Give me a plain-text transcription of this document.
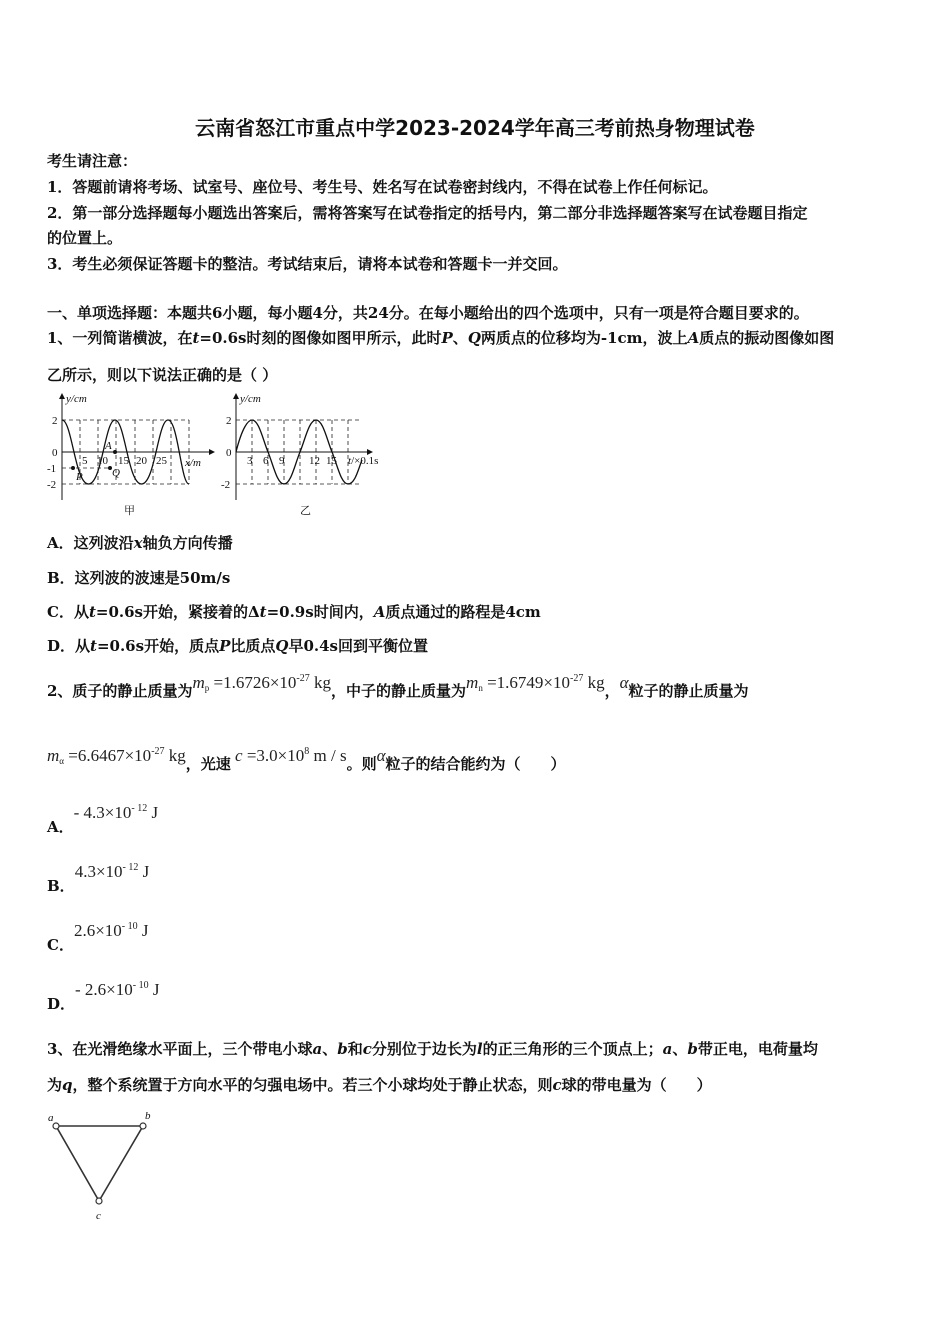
云南省怒江市重点中学2023-2024学年高三考前热身物理试卷
考生请注意：
1．答题前请将考场、试室号、座位号、考生号、姓名写在试卷密封线内，不得在试卷上作任何标记。
2．第一部分选择题每小题选出答案后，需将答案写在试卷指定的括号内，第二部分非选择题答案写在试卷题目指定
的位置上。
3．考生必须保证答题卡的整洁。考试结束后，请将本试卷和答题卡一并交回。
一、单项选择题：本题共6小题，每小题4分，共24分。在每小题给出的四个选项中，只有一项是符合题目要求的。
1、一列简谐横波，在t=0.6s时刻的图像如图甲所示，此时P、Q两质点的位移均为-1cm，波上A质点的振动图像如图
乙所示，则以下说法正确的是（ ）
y/cm
x/m
2
0
-1
-2
5 10 15 20 25
A
P	Q
甲
y/cm
2
0
-2
3 6 9 12 15 t/×0.1s
乙
A．这列波沿x轴负方向传播
B．这列波的波速是50m/s
C．从t=0.6s开始，紧接着的Δt=0.9s时间内，A质点通过的路程是4cm
D．从t=0.6s开始，质点P比质点Q早0.4s回到平衡位置
2、质子的静止质量为$m_p =1.6726\times 10^{-27}$ kg，中子的静止质量为$m_n =1.6749\times 10^{-27}$ kg，α粒子的静止质量为
$m_\alpha =6.6467\times 10^{-27}$ kg，光速 $c =3.0\times 10^8$ m / s。则α粒子的结合能约为（　　）
A．- $4.3\times 10^{- 12}$ J
B．$4.3\times 10^{- 12}$ J
C．$2.6\times 10^{- 10}$ J
D．- $2.6\times 10^{- 10}$ J
3、在光滑绝缘水平面上，三个带电小球a、b和c分别位于边长为l的正三角形的三个顶点上；a、b带正电，电荷量均
为q，整个系统置于方向水平的匀强电场中。若三个小球均处于静止状态，则c球的带电量为（　　）
a	b
c
